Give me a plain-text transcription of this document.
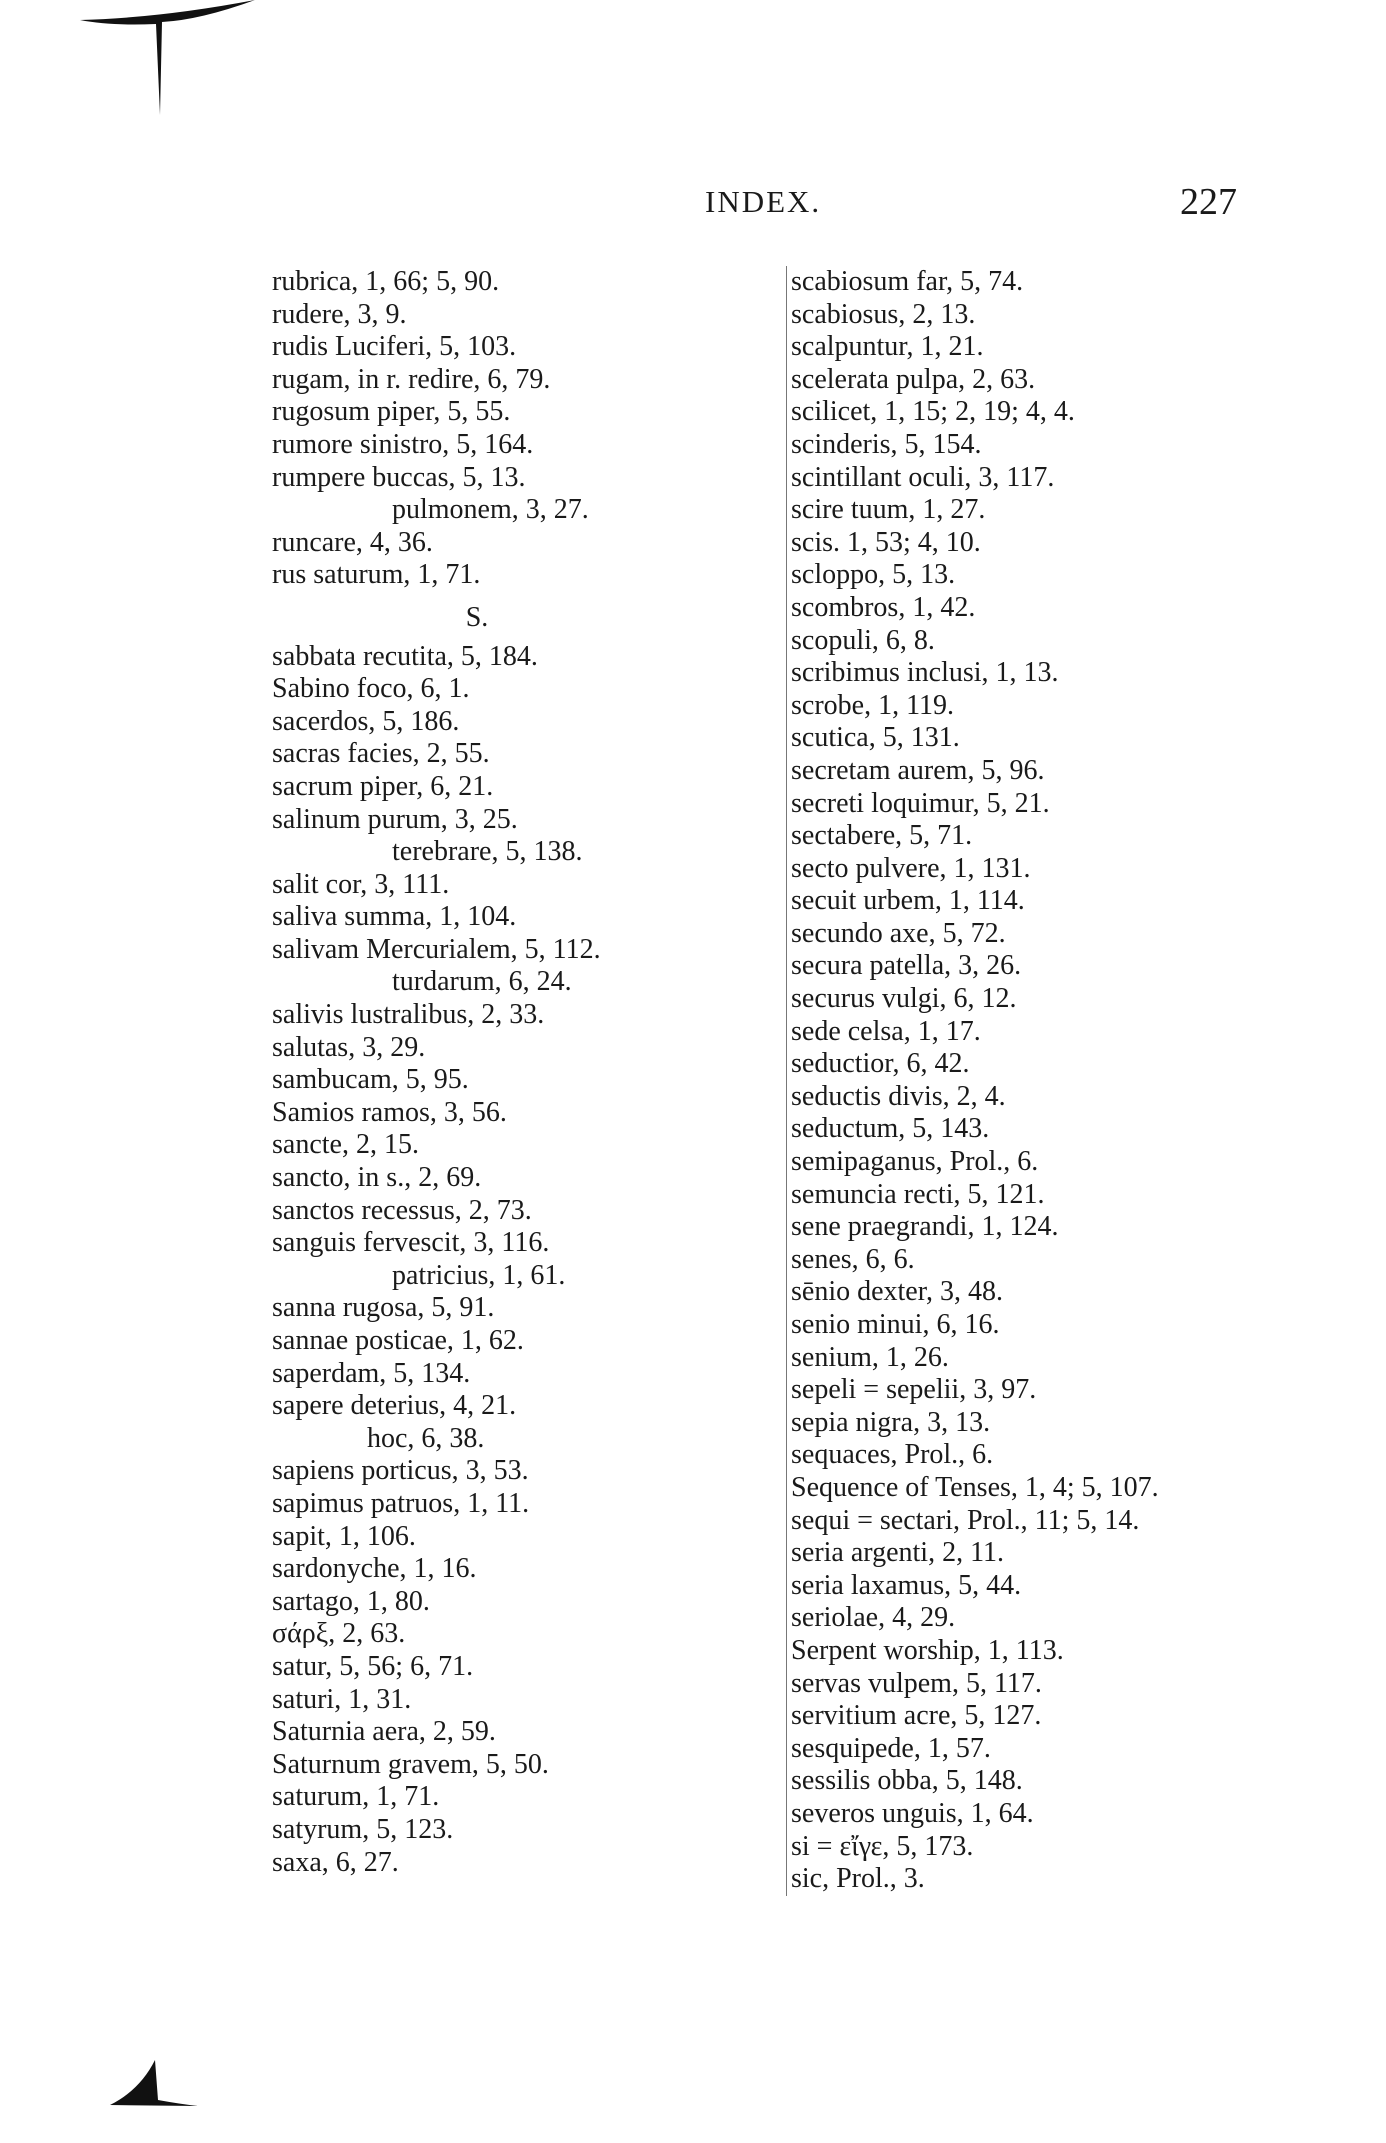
INDEX.	227
rubrica, 1, 66; 5, 90.
rudere, 3, 9.
rudis Luciferi, 5, 103.
rugam, in r. redire, 6, 79.
rugosum piper, 5, 55.
rumore sinistro, 5, 164.
rumpere buccas, 5, 13.
pulmonem, 3, 27.
runcare, 4, 36.
rus saturum, 1, 71.
S.
sabbata recutita, 5, 184.
Sabino foco, 6, 1.
sacerdos, 5, 186.
sacras facies, 2, 55.
sacrum piper, 6, 21.
salinum purum, 3, 25.
terebrare, 5, 138.
salit cor, 3, 111.
saliva summa, 1, 104.
salivam Mercurialem, 5, 112.
turdarum, 6, 24.
salivis lustralibus, 2, 33.
salutas, 3, 29.
sambucam, 5, 95.
Samios ramos, 3, 56.
sancte, 2, 15.
sancto, in s., 2, 69.
sanctos recessus, 2, 73.
sanguis fervescit, 3, 116.
patricius, 1, 61.
sanna rugosa, 5, 91.
sannae posticae, 1, 62.
saperdam, 5, 134.
sapere deterius, 4, 21.
hoc, 6, 38.
sapiens porticus, 3, 53.
sapimus patruos, 1, 11.
sapit, 1, 106.
sardonyche, 1, 16.
sartago, 1, 80.
σάρξ, 2, 63.
satur, 5, 56; 6, 71.
saturi, 1, 31.
Saturnia aera, 2, 59.
Saturnum gravem, 5, 50.
saturum, 1, 71.
satyrum, 5, 123.
saxa, 6, 27.
scabiosum far, 5, 74.
scabiosus, 2, 13.
scalpuntur, 1, 21.
scelerata pulpa, 2, 63.
scilicet, 1, 15; 2, 19; 4, 4.
scinderis, 5, 154.
scintillant oculi, 3, 117.
scire tuum, 1, 27.
scis. 1, 53; 4, 10.
scloppo, 5, 13.
scombros, 1, 42.
scopuli, 6, 8.
scribimus inclusi, 1, 13.
scrobe, 1, 119.
scutica, 5, 131.
secretam aurem, 5, 96.
secreti loquimur, 5, 21.
sectabere, 5, 71.
secto pulvere, 1, 131.
secuit urbem, 1, 114.
secundo axe, 5, 72.
secura patella, 3, 26.
securus vulgi, 6, 12.
sede celsa, 1, 17.
seductior, 6, 42.
seductis divis, 2, 4.
seductum, 5, 143.
semipaganus, Prol., 6.
semuncia recti, 5, 121.
sene praegrandi, 1, 124.
senes, 6, 6.
sēnio dexter, 3, 48.
senio minui, 6, 16.
senium, 1, 26.
sepeli = sepelii, 3, 97.
sepia nigra, 3, 13.
sequaces, Prol., 6.
Sequence of Tenses, 1, 4; 5, 107.
sequi = sectari, Prol., 11; 5, 14.
seria argenti, 2, 11.
seria laxamus, 5, 44.
seriolae, 4, 29.
Serpent worship, 1, 113.
servas vulpem, 5, 117.
servitium acre, 5, 127.
sesquipede, 1, 57.
sessilis obba, 5, 148.
severos unguis, 1, 64.
si = εἴγε, 5, 173.
sic, Prol., 3.
